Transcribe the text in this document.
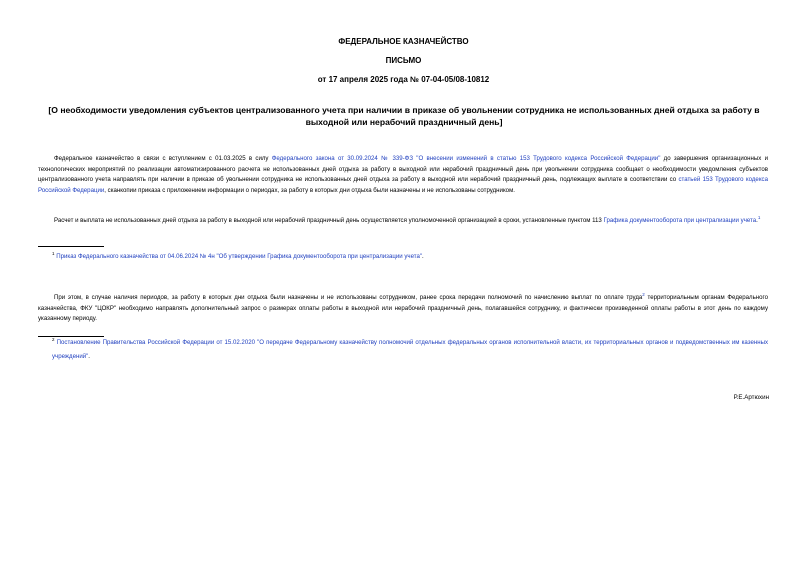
ФЕДЕРАЛЬНОЕ КАЗНАЧЕЙСТВО
ПИСЬМО
от 17 апреля 2025 года № 07-04-05/08-10812
[О необходимости уведомления субъектов централизованного учета при наличии в приказе об увольнении сотрудника не использованных дней отдыха за работу в выходной или нерабочий праздничный день]
Федеральное казначейство в связи с вступлением с 01.03.2025 в силу Федерального закона от 30.09.2024 № 339-ФЗ "О внесении изменений в статью 153 Трудового кодекса Российской Федерации" до завершения организационных и технологических мероприятий по реализации автоматизированного расчета не использованных дней отдыха за работу в выходной или нерабочий праздничный день при увольнении сотрудника сообщает о необходимости уведомления субъектов централизованного учета направлять при наличии в приказе об увольнении сотрудника не использованных дней отдыха за работу в выходной или нерабочий праздничный день, подлежащих выплате в соответствии со статьей 153 Трудового кодекса Российской Федерации, сканкопии приказа с приложением информации о периодах, за работу в которых дни отдыха были назначены и не использованы сотрудником.
Расчет и выплата не использованных дней отдыха за работу в выходной или нерабочий праздничный день осуществляется уполномоченной организацией в сроки, установленные пунктом 113 Графика документооборота при централизации учета.$^1$
$^1$ Приказ Федерального казначейства от 04.06.2024 № 4н "Об утверждении Графика документооборота при централизации учета".
При этом, в случае наличия периодов, за работу в которых дни отдыха были назначены и не использованы сотрудником, ранее срока передачи полномочий по начислению выплат по оплате труда$^2$ территориальным органам Федерального казначейства, ФКУ "ЦОКР" необходимо направлять дополнительный запрос о размерах оплаты работы в выходной или нерабочий праздничный день, полагавшейся сотруднику, и фактически произведенной оплаты работы в этот день по каждому указанному периоду.
$^2$ Постановление Правительства Российской Федерации от 15.02.2020 "О передаче Федеральному казначейству полномочий отдельных федеральных органов исполнительной власти, их территориальных органов и подведомственных им казенных учреждений".
Р.Е.Артюхин
